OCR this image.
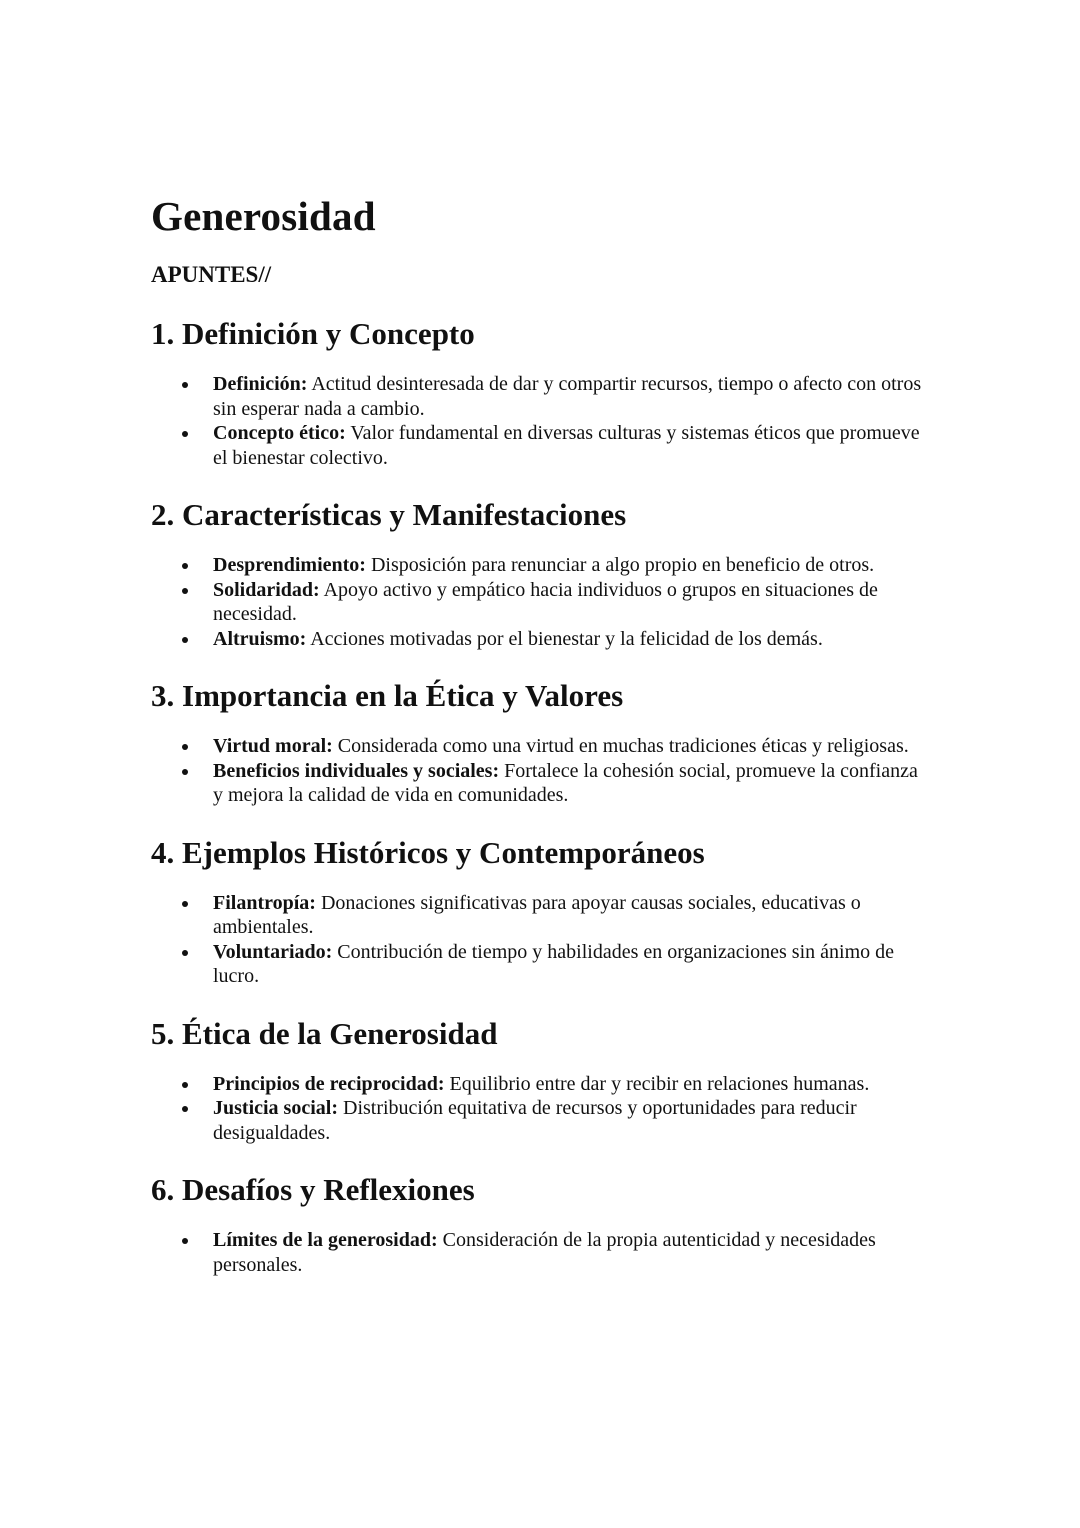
Generosidad
APUNTES//
1. Definición y Concepto
Definición: Actitud desinteresada de dar y compartir recursos, tiempo o afecto con otros sin esperar nada a cambio.
Concepto ético: Valor fundamental en diversas culturas y sistemas éticos que promueve el bienestar colectivo.
2. Características y Manifestaciones
Desprendimiento: Disposición para renunciar a algo propio en beneficio de otros.
Solidaridad: Apoyo activo y empático hacia individuos o grupos en situaciones de necesidad.
Altruismo: Acciones motivadas por el bienestar y la felicidad de los demás.
3. Importancia en la Ética y Valores
Virtud moral: Considerada como una virtud en muchas tradiciones éticas y religiosas.
Beneficios individuales y sociales: Fortalece la cohesión social, promueve la confianza y mejora la calidad de vida en comunidades.
4. Ejemplos Históricos y Contemporáneos
Filantropía: Donaciones significativas para apoyar causas sociales, educativas o ambientales.
Voluntariado: Contribución de tiempo y habilidades en organizaciones sin ánimo de lucro.
5. Ética de la Generosidad
Principios de reciprocidad: Equilibrio entre dar y recibir en relaciones humanas.
Justicia social: Distribución equitativa de recursos y oportunidades para reducir desigualdades.
6. Desafíos y Reflexiones
Límites de la generosidad: Consideración de la propia autenticidad y necesidades personales.
